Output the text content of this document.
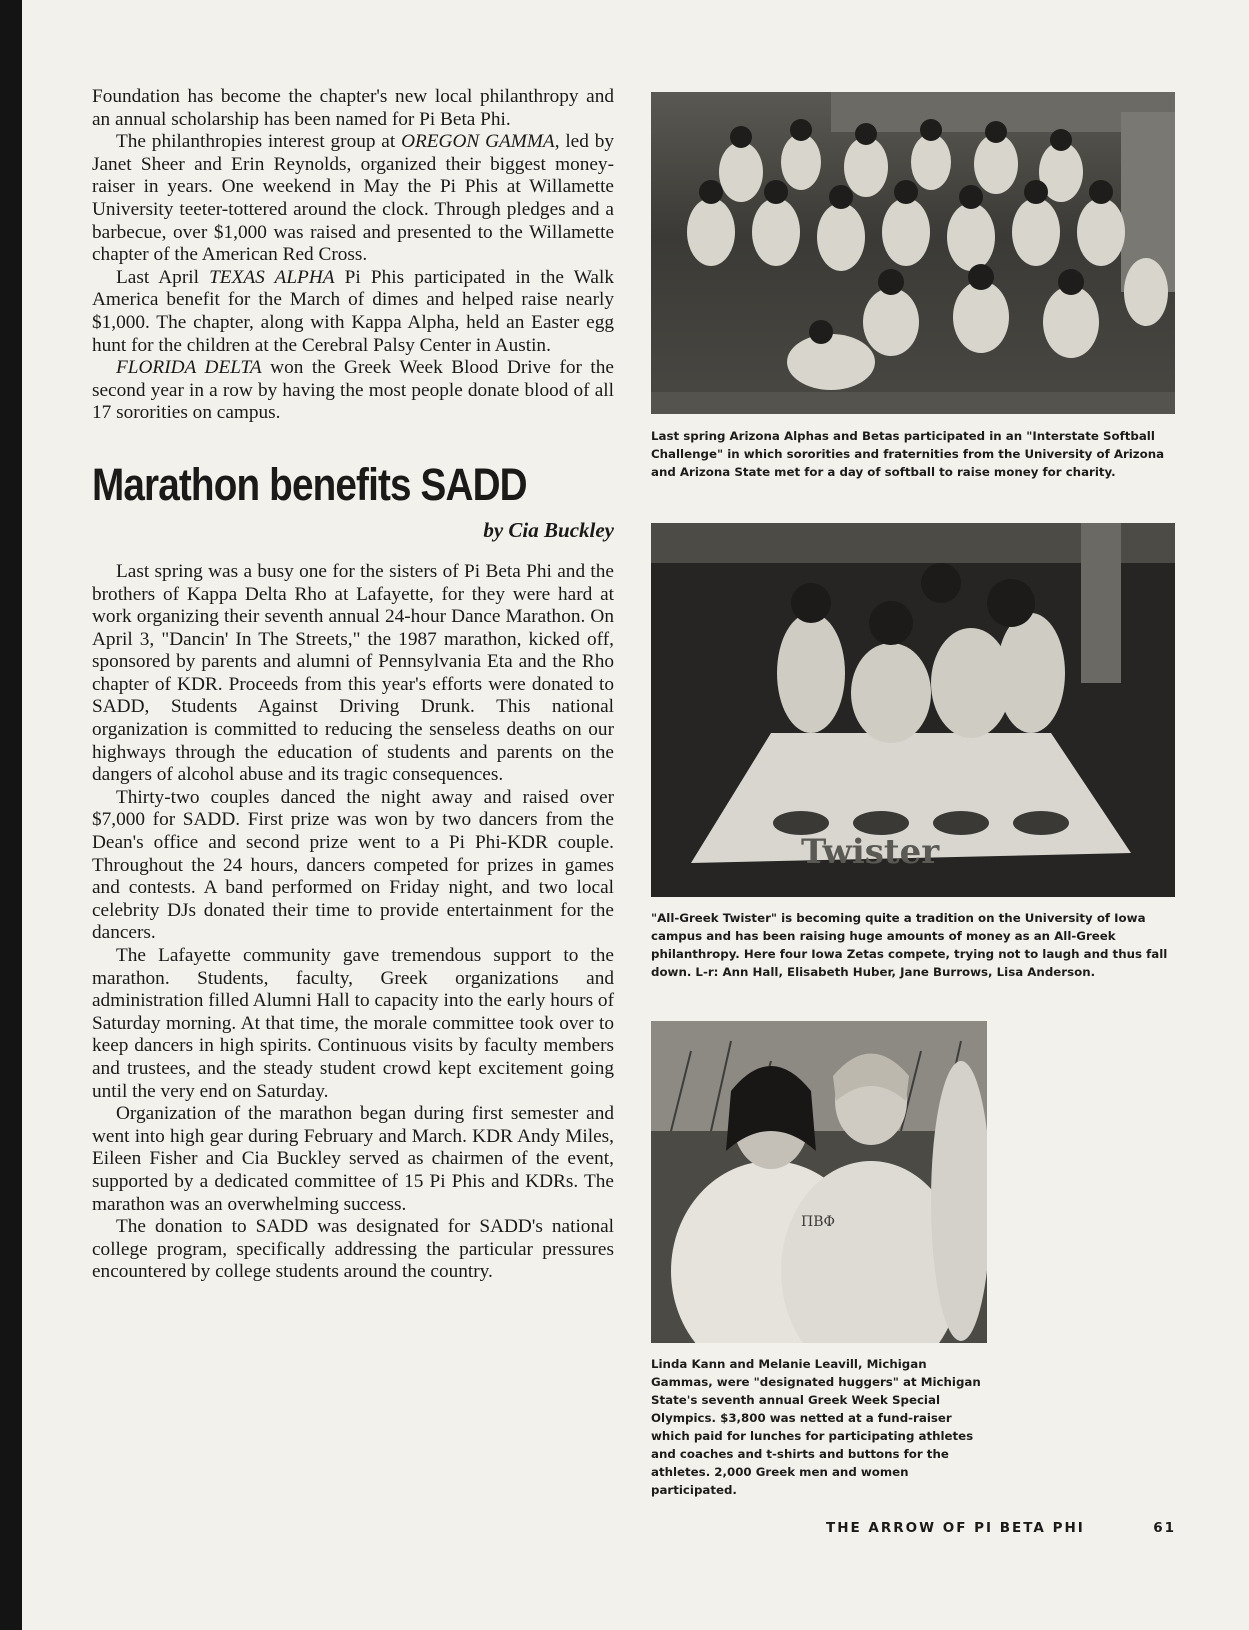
Foundation has become the chapter's new local philanthropy and an annual scholarship has been named for Pi Beta Phi.

The philanthropies interest group at OREGON GAMMA, led by Janet Sheer and Erin Reynolds, organized their biggest money-raiser in years. One weekend in May the Pi Phis at Willamette University teeter-tottered around the clock. Through pledges and a barbecue, over $1,000 was raised and presented to the Willamette chapter of the American Red Cross.

Last April TEXAS ALPHA Pi Phis participated in the Walk America benefit for the March of dimes and helped raise nearly $1,000. The chapter, along with Kappa Alpha, held an Easter egg hunt for the children at the Cerebral Palsy Center in Austin.

FLORIDA DELTA won the Greek Week Blood Drive for the second year in a row by having the most people donate blood of all 17 sororities on campus.

Marathon benefits SADD
by Cia Buckley

Last spring was a busy one for the sisters of Pi Beta Phi and the brothers of Kappa Delta Rho at Lafayette, for they were hard at work organizing their seventh annual 24-hour Dance Marathon. On April 3, "Dancin' In The Streets," the 1987 marathon, kicked off, sponsored by parents and alumni of Pennsylvania Eta and the Rho chapter of KDR. Proceeds from this year's efforts were donated to SADD, Students Against Driving Drunk. This national organization is committed to reducing the senseless deaths on our highways through the education of students and parents on the dangers of alcohol abuse and its tragic consequences.

Thirty-two couples danced the night away and raised over $7,000 for SADD. First prize was won by two dancers from the Dean's office and second prize went to a Pi Phi-KDR couple. Throughout the 24 hours, dancers competed for prizes in games and contests. A band performed on Friday night, and two local celebrity DJs donated their time to provide entertainment for the dancers.

The Lafayette community gave tremendous support to the marathon. Students, faculty, Greek organizations and administration filled Alumni Hall to capacity into the early hours of Saturday morning. At that time, the morale committee took over to keep dancers in high spirits. Continuous visits by faculty members and trustees, and the steady student crowd kept excitement going until the very end on Saturday.

Organization of the marathon began during first semester and went into high gear during February and March. KDR Andy Miles, Eileen Fisher and Cia Buckley served as chairmen of the event, supported by a dedicated committee of 15 Pi Phis and KDRs. The marathon was an overwhelming success.

The donation to SADD was designated for SADD's national college program, specifically addressing the particular pressures encountered by college students around the country.

Last spring Arizona Alphas and Betas participated in an "Interstate Softball Challenge" in which sororities and fraternities from the University of Arizona and Arizona State met for a day of softball to raise money for charity.

Twister

"All-Greek Twister" is becoming quite a tradition on the University of Iowa campus and has been raising huge amounts of money as an All-Greek philanthropy. Here four Iowa Zetas compete, trying not to laugh and thus fall down. L-r: Ann Hall, Elisabeth Huber, Jane Burrows, Lisa Anderson.

ΠΒΦ

Linda Kann and Melanie Leavill, Michigan Gammas, were "designated huggers" at Michigan State's seventh annual Greek Week Special Olympics. $3,800 was netted at a fund-raiser which paid for lunches for participating athletes and coaches and t-shirts and buttons for the athletes. 2,000 Greek men and women participated.

THE ARROW OF PI BETA PHI	61
